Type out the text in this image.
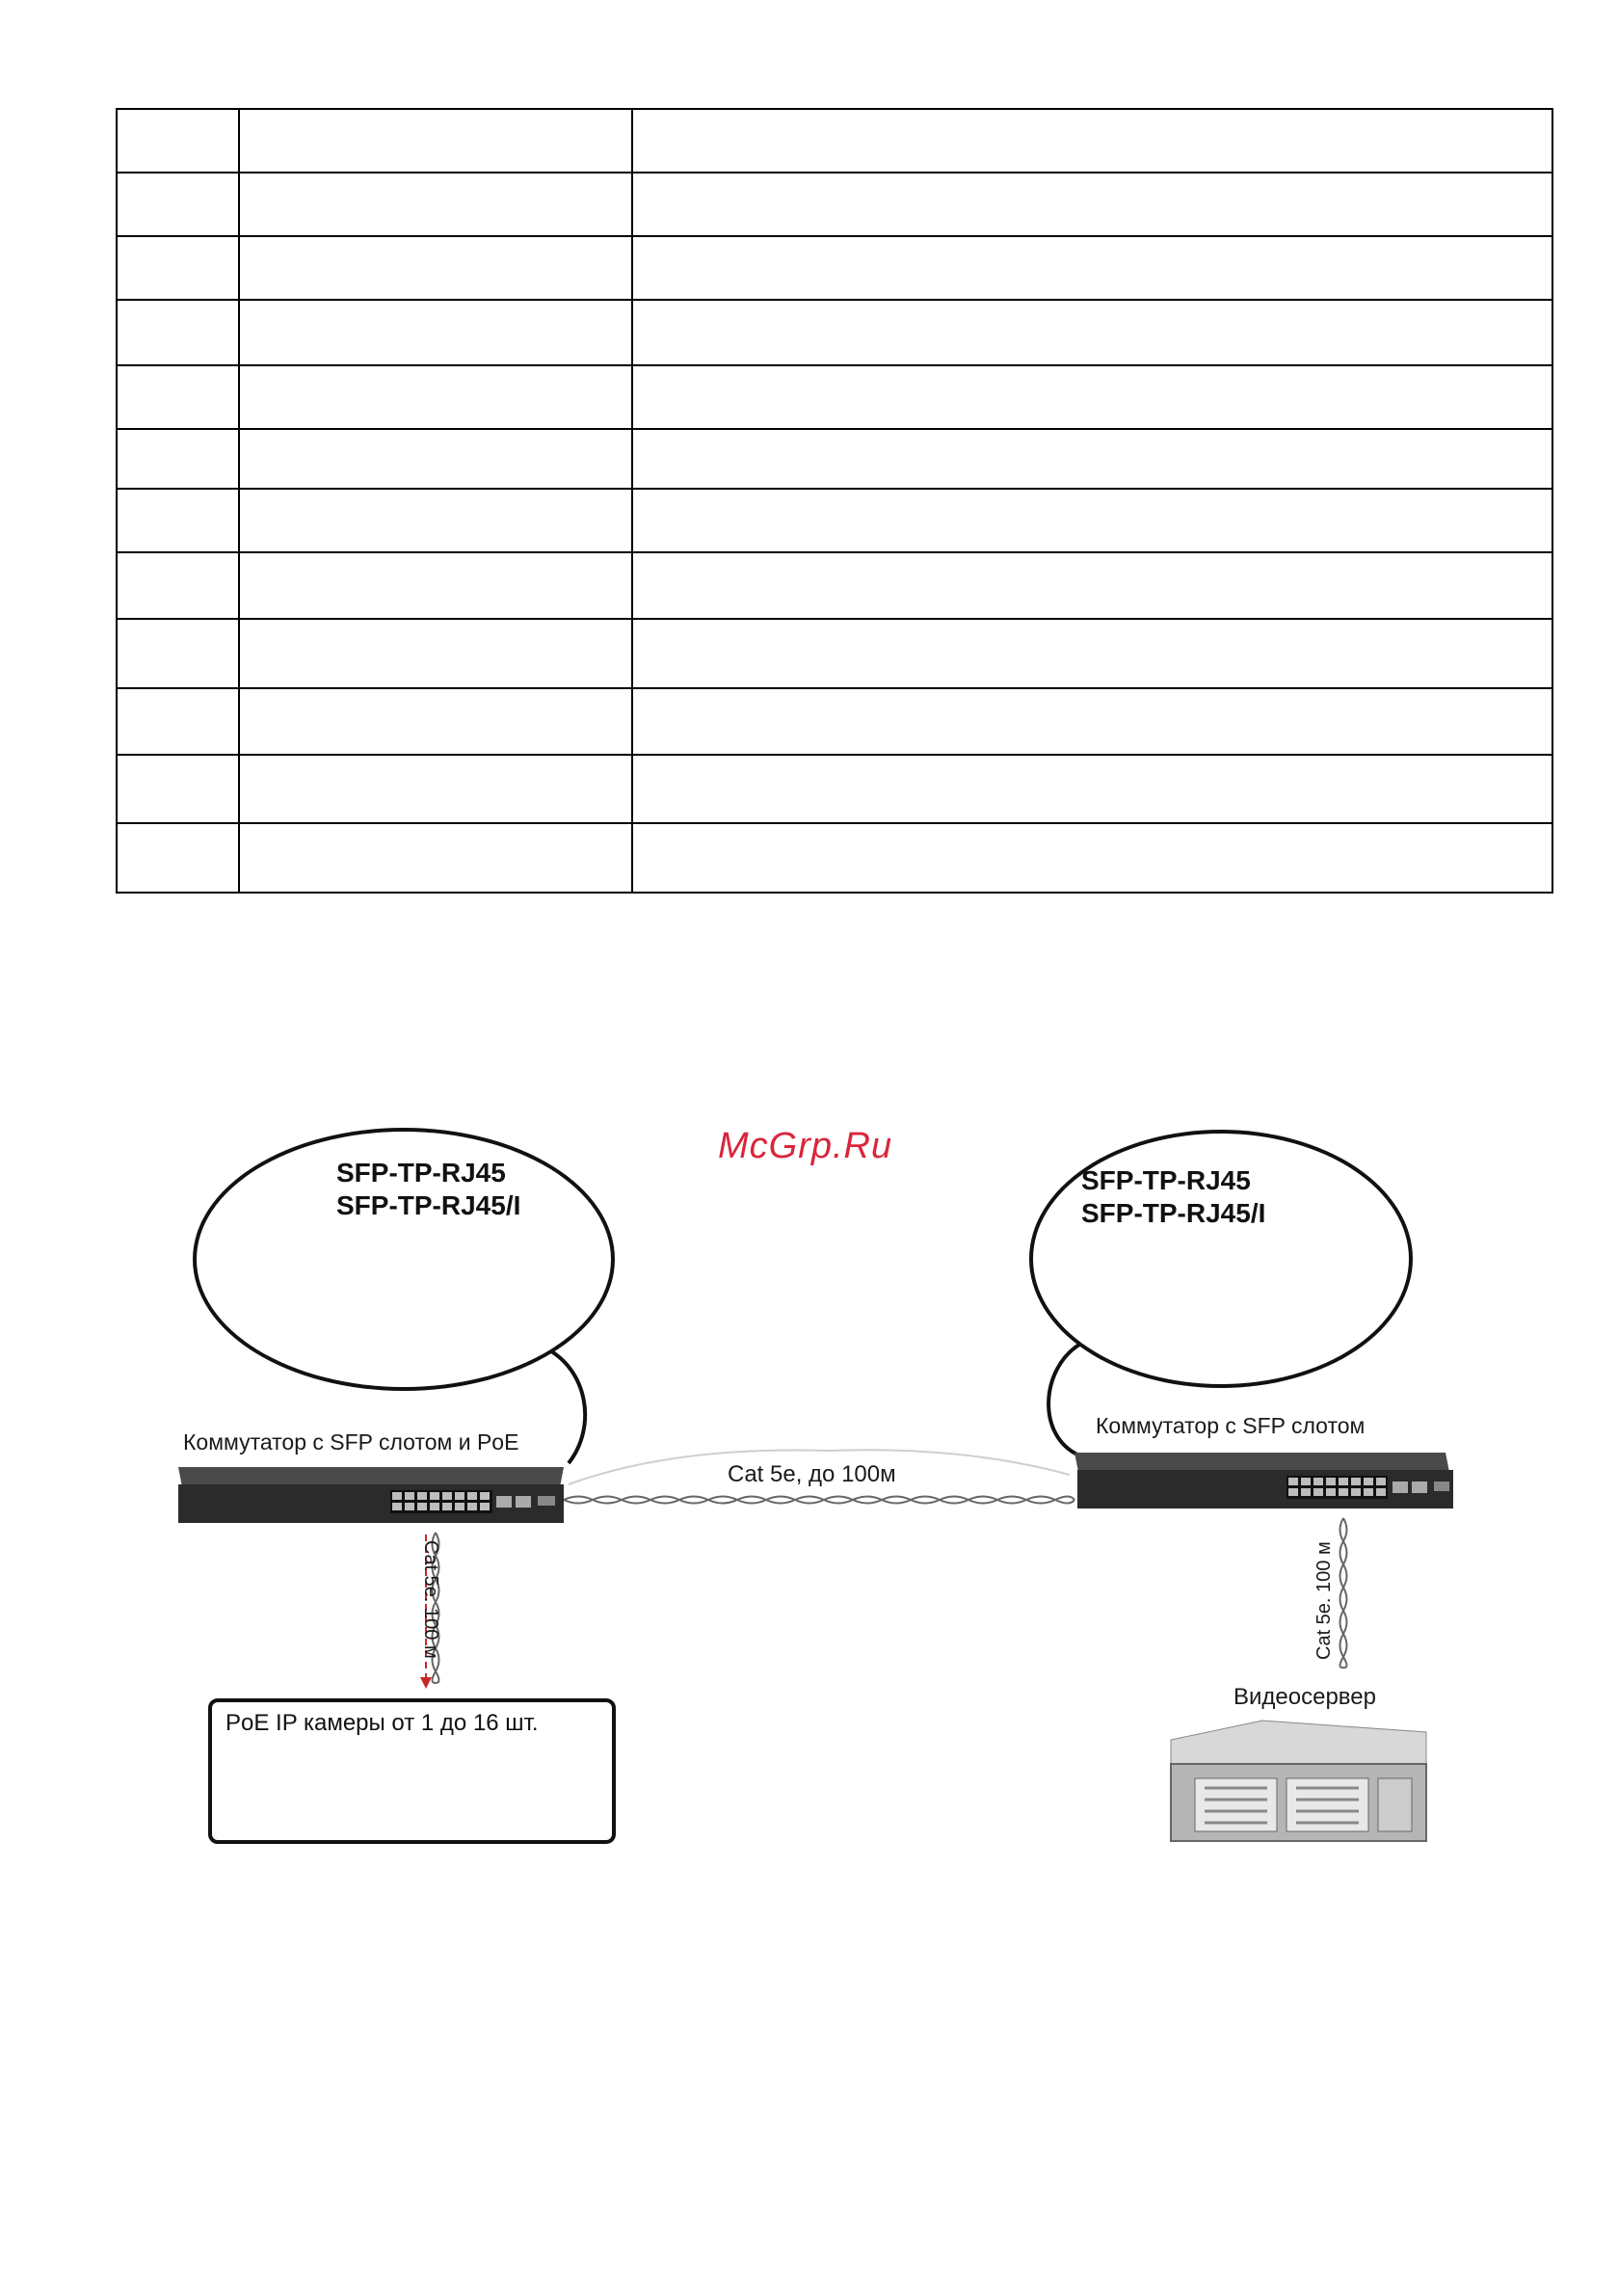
McGrp.Ru
SFP-TP-RJ45
SFP-TP-RJ45/I
SFP-TP-RJ45
SFP-TP-RJ45/I
Коммутатор с SFP слотом и PoE
Коммутатор с SFP слотом
Cat 5e, до 100м
Cat 5e. 100 м	Cat 5e. 100 м
Видеосервер
PoE IP камеры от 1 до 16 шт.
